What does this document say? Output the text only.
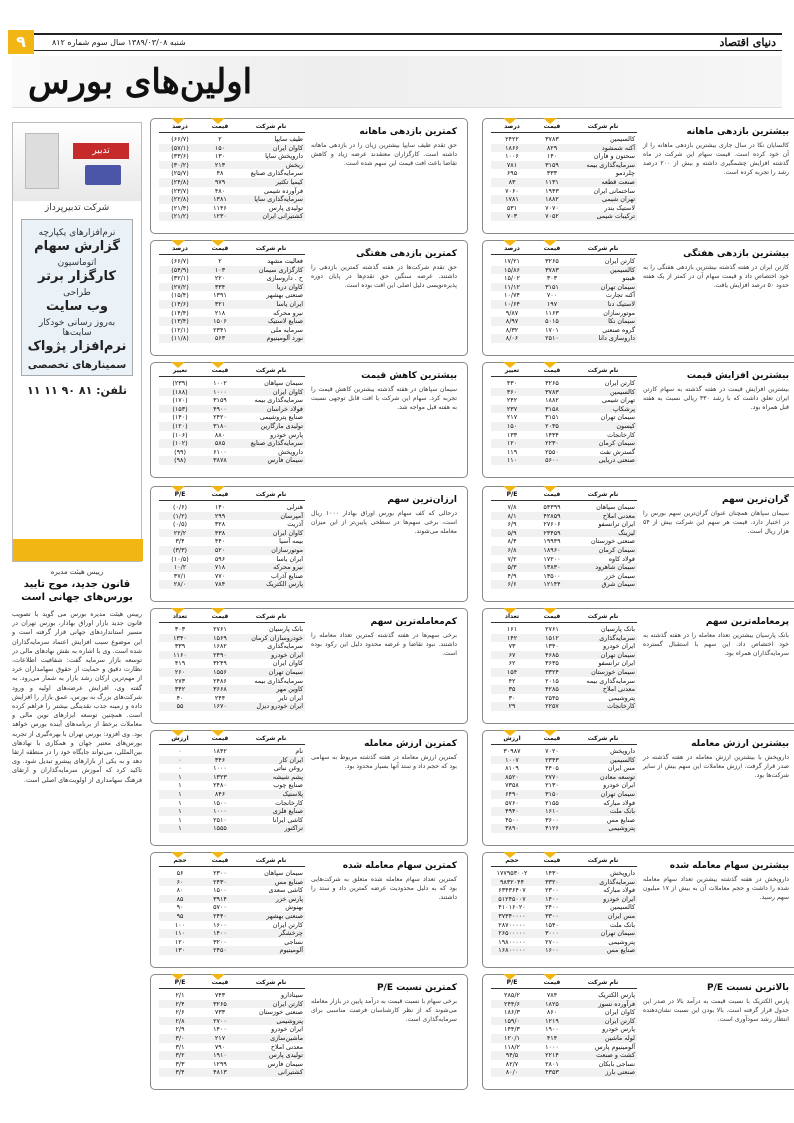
شنبه ۱۳۸۹/۰۳/۰۸ سال سوم شماره ۸۱۲	دنیای اقتصاد
۹
اولین‌های بورس
تدبیر
شرکت تدبیرپرداز
نرم‌افزارهای یکپارچه
گزارش سهام
اتوماسیون
کارگزار برتر
طراحی
وب سایت
به‌روز رسانی خودکار سایت‌ها
نرم‌افزار پژواک
سمینارهای تخصصی
تلفن: ۸۱ ۹۰ ۱۱ ۱۱
رییس هیئت مدیره
قانون جدید، موج تایید بورس‌های جهانی است
رییس هیئت مدیره بورس می گوید با تصویب قانون جدید بازار اوراق بهادار، بورس تهران در مسیر استانداردهای جهانی قرار گرفته است و این موضوع سبب افزایش اعتماد سرمایه‌گذاران شده است. وی با اشاره به نقش نهادهای مالی در توسعه بازار سرمایه گفت: شفافیت اطلاعات، نظارت دقیق و حمایت از حقوق سهامداران خرد از مهم‌ترین ارکان رشد بازار به شمار می‌رود. به گفته وی، افزایش عرضه‌های اولیه و ورود شرکت‌های بزرگ به بورس، عمق بازار را افزایش داده و زمینه جذب نقدینگی بیشتر را فراهم کرده است. همچنین توسعه ابزارهای نوین مالی و معاملات برخط از برنامه‌های آینده بورس خواهد بود. وی افزود: بورس تهران با بهره‌گیری از تجربه بورس‌های معتبر جهان و همکاری با نهادهای بین‌المللی، می‌تواند جایگاه خود را در منطقه ارتقا دهد و به یکی از بازارهای پیشرو تبدیل شود. وی تاکید کرد که آموزش سرمایه‌گذاران و ارتقای فرهنگ سهامداری از اولویت‌های اصلی است.
بیشترین بازدهی ماهانه
کالسایان نکا در سال جاری بیشترین بازدهی ماهانه را از آن خود کرده است. قیمت سهام این شرکت در ماه گذشته افزایش چشمگیری داشته و بیش از ۲۰۰ درصد رشد را تجربه کرده است.
نام شرکت
قیمت
درصد
کالسیمین
۳۷۸۳
۲۴۲۲
آکنه شمشود
۸۲۹
۱۸۶۶
سحتون و فاران
۱۴۰
۱۰۰۶
سرمایه‌گذاری بیمه
۳۱۵۹
۷۸۱
چلردمو
۳۳۳
۶۹۵
صنعت قطعه
۱۱۳۱
۸۳
ساختمانی ایران
۱۹۴۳
۷۰۶۰
تهران شیمی
۱۸۸۲
۱۷۸۱
لاستیک بندر
۷۰۷۰
۵۳۱
ترکیبات شیمی
۷۰۵۲
۷۰۳
کمترین بازدهی ماهانه
حق تقدم طیف سایپا بیشترین زیان را در بازدهی ماهانه داشته است. کارگزاران معتقدند عرضه زیاد و کاهش تقاضا باعث افت قیمت این سهم شده است.
نام شرکت
قیمت
درصد
طیف سایپا
۲
(۶۶/۷)
کاوان ایران
۱۵۰
(۵۷/۱)
داروپخش ساپا
۱۳۰
(۳۳/۶)
ریخش
۲۱۳
(۳۰/۲)
سرمایه‌گذاری صنایع
۴۸
(۲۵/۷)
کیمیا تکثیر
۹۷۹
(۲۴/۸)
فرآورده شیمی
۴۸۰
(۲۳/۷)
سرمایه‌گذاری ساپا
۱۳۸۱
(۲۲/۸)
تولیدی پارس
۱۱۴۶
(۲۱/۴)
کشتیرانی ایران
۱۲۳۰
(۲۱/۲)
بیشترین بازدهی هفتگی
کارتن ایران در هفته گذشته بیشترین بازدهی هفتگی را به خود اختصاص داد و قیمت سهام آن در کمتر از یک هفته حدود ۵۰ درصد افزایش یافت.
نام شرکت
قیمت
درصد
کارتن ایران
۳۲۶۵
۱۷/۲۱
کالسیمین
۳۷۸۳
۱۵/۸۶
هیبتو
۳۰۳
۱۵/۰۲
سیمان تهران
۳۱۵۱
۱۱/۱۲
آکنه تجارت
۷۰۰
۱۰/۷۴
لاستیک دنا
۱۹۷
۱۰/۶۴
موتورسازان
۱۱۶۳
۹/۸۷
سیمان نکا
۵۰۱۵
۸/۹۷
گروه صنعتی
۱۷۰۱
۸/۳۲
داروسازی دانا
۲۵۱۰
۸/۰۶
کمترین بازدهی هفتگی
حق تقدم شرکت‌ها در هفته گذشته کمترین بازدهی را داشتند. عرضه سنگین حق تقدم‌ها در پایان دوره پذیره‌نویسی دلیل اصلی این افت بوده است.
نام شرکت
قیمت
درصد
فعالیت مشهد
۲
(۶۶/۷)
کارگزاری سیمان
۱۰۳
(۵۴/۹)
ح . داروسازی
۲۲۰
(۳۲/۱)
کاوان دریا
۳۳۴
(۲۷/۲)
صنعتی بهشهر
۱۳۹۱
(۱۵/۴)
ایران یاسا
۳۲۱
(۱۴/۶)
نیرو محرکه
۲۱۸
(۱۴/۴)
صنایع لاستیک
۱۵۰۶
(۱۳/۴)
سرمایه ملی
۲۳۴۱
(۱۲/۱)
نورد آلومینیوم
۵۶۳
(۱۱/۸)
بیشترین افزایش قیمت
بیشترین افزایش قیمت در هفته گذشته به سهام کارتن ایران تعلق داشت که با رشد ۴۳۰ ریالی نسبت به هفته قبل همراه بود.
نام شرکت
قیمت
تغییر
کارتن ایران
۳۲۶۵
۴۳۰
کالسیمین
۳۷۸۳
۳۶۰
تهران شیمی
۱۸۸۲
۲۴۲
پرشکاپ
۳۱۵۸
۲۳۷
سیمان تهران
۳۱۵۱
۲۱۷
کیسون
۲۰۳۵
۱۵۰
کارخانجات
۱۴۳۴
۱۳۳
سیمان کرمان
۲۲۳۰
۱۲۰
گسترش نفت
۲۵۵۰
۱۱۹
صنعتی دریایی
۵۶۰۰
۱۱۰
بیشترین کاهش قیمت
سیمان سپاهان در هفته گذشته بیشترین کاهش قیمت را تجربه کرد. سهام این شرکت با افت قابل توجهی نسبت به هفته قبل مواجه شد.
نام شرکت
قیمت
تغییر
سیمان سپاهان
۱۰۰۲
(۲۳۹)
کاوان ایران
۱۰۰۰
(۱۸۸)
سرمایه‌گذاری بیمه
۳۱۵۹
(۱۷۰)
فولاد خراسان
۴۹۰۰
(۱۵۳)
صنایع پتروشیمی
۲۴۲۰
(۱۴۰)
تولیدی مارگارین
۳۱۸۰
(۱۲۰)
پارس خودرو
۸۸۰
(۱۰۶)
سرمایه‌گذاری صنایع
۵۸۵
(۱۰۲)
داروپخش
۶۱۰۰
(۹۹)
سیمان فارس
۳۸۷۸
(۹۸)
گران‌ترین سهم
سیمان سپاهان همچنان عنوان گران‌ترین سهم بورس را در اختیار دارد. قیمت هر سهم این شرکت بیش از ۵۴ هزار ریال است.
نام شرکت
قیمت
P/E
سیمان سپاهان
۵۴۳۹۹
۷/۸
معدنی املاح
۴۲۸۵۹
۸/۱
ایران ترانسفو
۲۷۶۰۶
۶/۹
لیزینگ
۲۳۴۵۹
۵/۹
صنعتی خوزستان
۱۹۹۴۹
۸/۴
سیمان کرمان
۱۸۹۶۰
۶/۸
فولاد کاوه
۱۷۲۰۰
۷/۲
سیمان شاهرود
۱۳۸۳۰
۵/۳
سیمان خزر
۱۳۵۰۰
۴/۹
سیمان شرق
۱۲۱۴۴
۶/۶
ارزان‌ترین سهم
درحالی که کف سهام بورس اوراق بهادار ۱۰۰۰ ریال است، برخی سهم‌ها در سطحی پایین‌تر از این میزان معامله می‌شوند.
نام شرکت
قیمت
P/E
هنرلی
۱۴۰
(۰/۶)
آمپرسان
۲۹۹
(۱/۲)
آذریت
۳۲۸
(۰/۵)
کاوان ایران
۴۳۸
۲۲/۲
بیمه آسیا
۴۴۰
۳/۴
موتورسازان
۵۲۰
(۳/۳)
ایران یاسا
۵۹۶
(۱۰/۵)
نیرو محرکه
۷۱۸
۱۰/۲
صنایع آذراب
۷۷۰
۳۷/۱
پارس الکتریک
۷۸۴
۲۸/۰
پرمعامله‌ترین سهم
بانک پارسیان بیشترین تعداد معامله را در هفته گذشته به خود اختصاص داد. این سهم با استقبال گسترده سرمایه‌گذاران همراه بود.
نام شرکت
قیمت
تعداد
بانک پارسیان
۲۷۶۱
۱۶۱
سرمایه‌گذاری
۱۵۱۲
۱۴۲
ایران خودرو
۱۳۴۰
۷۳
سیمان تهران
۴۶۸۵
۶۷
ایران ترانسفو
۳۶۳۵
۶۲
سیمان خوزستان
۳۳۲۴
۱۵۴
سرمایه‌گذاری بیمه
۲۰۱۵
۴۲
معدنی املاح
۴۲۸۵
۳۵
پتروشیمی
۲۵۴۵
۳۰
کارخانجات
۲۲۵۷
۲۹
کم‌معامله‌ترین سهم
برخی سهم‌ها در هفته گذشته کمترین تعداد معامله را داشتند. نبود تقاضا و عرضه محدود دلیل این رکود بوده است.
نام شرکت
قیمت
تعداد
بانک پارسیان
۲۷۶۱
۳۰۳
خودروسازان کرمان
۱۵۶۹
۱۳۴۰
سرمایه‌گذاری
۱۶۸۲
۳۳۹
ایران خودرو
۲۴۹۰
۱۱۶۰
کاوان ایران
۳۲۴۹
۴۱۹
سیمان تهران
۱۵۵۶
۲۶۰
سرمایه‌گذاری بیمه
۲۴۸۶
۲۷۳
کاوین مهر
۳۶۶۸
۳۴۲
ایران تایر
۲۴۴
۴۰
ایران خودرو دیزل
۱۶۷۰
۵۵
بیشترین ارزش معامله
داروپخش با بیشترین ارزش معامله در هفته گذشته در صدر قرار گرفت. ارزش معاملات این سهم بیش از سایر شرکت‌ها بود.
نام شرکت
قیمت
ارزش
داروپخش
۷۰۲۰
۳۰۹۸۷
کالسیمین
۲۳۴۳
۱۰۰۷
مس ایران
۴۴۰۵
۸۱۰۹
توسعه معادن
۲۷۷۰
۸۵۲۰
ایران خودرو
۲۱۳۰
۷۳۵۸
سیمان تهران
۳۱۵۰
۶۴۹۰
فولاد مبارکه
۲۱۵۵
۵۷۶۰
بانک ملت
۱۶۱۰
۴۹۴۰
صنایع مس
۳۶۰۰
۴۵۰۰
پتروشیمی
۴۱۲۶
۳۸۹۰
کمترین ارزش معامله
کمترین ارزش معامله در هفته گذشته مربوط به سهامی بود که حجم داد و ستد آنها بسیار محدود بود.
نام شرکت
قیمت
ارزش
نام
۱۸۴۲
۰
ایران کار
۳۴۶
۰
روغن نباتی
۱۰۰۰
۰
پشم شیشه
۱۳۲۳
۱
صنایع چوب
۲۴۸۰
۱
پلاستیک
۸۴۶
۱
کارخانجات
۱۵۰۰
۱
صنایع فلزی
۱۰۰۰
۱
کاشی ایرانا
۲۵۱۰
۱
تراکتور
۱۵۵۵
۱
بیشترین سهام معامله شده
داروپخش در هفته گذشته بیشترین تعداد سهام معامله شده را داشت و حجم معاملات آن به بیش از ۱۷ میلیون سهم رسید.
نام شرکت
قیمت
حجم
داروپخش
۱۴۳۰
۱۷۷۹۵۳۰۰۲
سرمایه‌گذاری
۳۳۲۰
۹۸۳۲۰۴۴
فولاد مبارکه
۲۳۰۰
۶۳۴۳۶۴۰۷
ایران خودرو
۱۴۰۰
۵۱۲۴۵۰۰۷
کالسیمین
۲۴۰۰
۴۱۰۱۶۰۲۰
مس ایران
۳۳۰۰
۳۷۳۴۰۰۰۰
بانک ملت
۱۵۴۰
۲۸۷۰۰۰۰۰
سیمان تهران
۳۰۰۰
۲۶۵۰۰۰۰۰
پتروشیمی
۲۷۰۰
۱۹۸۰۰۰۰۰
صنایع مس
۱۶۰۰
۱۶۸۰۰۰۰۰
کمترین سهام معامله شده
کمترین تعداد سهام معامله شده متعلق به شرکت‌هایی بود که به دلیل محدودیت عرضه کمترین داد و ستد را داشتند.
نام شرکت
قیمت
حجم
سیمان سپاهان
۲۳۰۰
۵۶
صنایع مس
۲۴۳۰
۶۰
کاشی سعدی
۱۵۰۰
۸۰
پارس خزر
۳۹۱۴
۸۵
بهنوش
۵۷۰۰
۹۰
صنعتی بهشهر
۲۴۴۰
۹۵
کارتن ایران
۱۶۰۰
۱۰۰
چرخشگر
۱۴۰۰
۱۱۰
نساجی
۳۲۰۰
۱۲۰
آلومینیوم
۲۴۵۰
۱۳۰
بالاترین نسبت P/E
پارس الکتریک با نسبت قیمت به درآمد بالا در صدر این جدول قرار گرفته است. بالا بودن این نسبت نشان‌دهنده انتظار رشد سودآوری است.
نام شرکت
قیمت
P/E
پارس الکتریک
۷۸۴
۲۸۵/۲
فرآورده نسوز
۱۸۲۵
۲۴۴/۶
کاوان ایران
۸۶۰
۱۸۶/۳
کارتن ایران
۱۲۱۹
۱۵۹/۰
پارس خودرو
۱۹۰۰
۱۴۴/۳
لوله ماشین
۴۱۴
۱۲۰/۱
آلومینیوم پارس
۱۰۰۰
۱۱۸/۲
کشت و صنعت
۲۲۱۴
۹۴/۵
نساجی بابکان
۲۸۰۱
۸۲/۷
صنعتی بارز
۴۳۵۳
۸۰/۰
کمترین نسبت P/E
برخی سهام با نسبت قیمت به درآمد پایین در بازار معامله می‌شوند که از نظر کارشناسان فرصت مناسبی برای سرمایه‌گذاری است.
نام شرکت
قیمت
P/E
سینادارو
۷۴۳
۲/۱
کارتن ایران
۳۲۶۵
۲/۴
صنعتی خوزستان
۷۳۳
۲/۶
پتروشیمی
۲۷۰۰
۲/۸
ایران خودرو
۱۴۰۰
۲/۹
ماشین‌سازی
۲۱۷
۳/۰
معدنی املاح
۷۹۰
۳/۱
تولیدی پارس
۱۹۱۰
۳/۲
سیمان فارس
۱۲۹۹
۳/۳
کشتیرانی
۴۸۱۳
۳/۴
